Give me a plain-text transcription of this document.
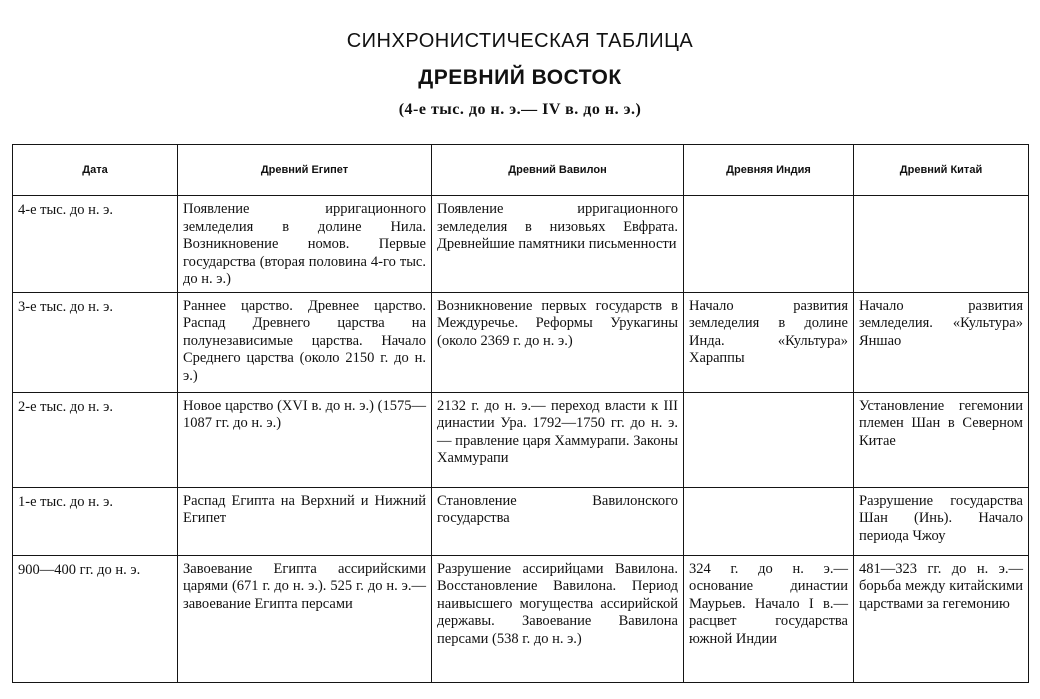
СИНХРОНИСТИЧЕСКАЯ ТАБЛИЦА
ДРЕВНИЙ ВОСТОК
(4-е тыс. до н. э.— IV в. до н. э.)
Дата	Древний Египет	Древний Вавилон	Древняя Индия	Древний Китай
4-е тыс. до н. э.	Появление ирригационного земледелия в долине Нила. Возникновение номов. Первые государства (вторая половина 4-го тыс. до н. э.)	Появление ирригационного земледелия в низовьях Евфрата. Древнейшие памятники письменности		
3-е тыс. до н. э.	Раннее царство. Древнее царство. Распад Древнего царства на полунезависимые царства. Начало Среднего царства (около 2150 г. до н. э.)	Возникновение первых государств в Междуречье. Реформы Урукагины (около 2369 г. до н. э.)	Начало развития земледелия в долине Инда. «Культура» Хараппы	Начало развития земледелия. «Культура» Яншао
2-е тыс. до н. э.	Новое царство (XVI в. до н. э.) (1575—1087 гг. до н. э.)	2132 г. до н. э.— переход власти к III династии Ура. 1792—1750 гг. до н. э.— правление царя Хаммурапи. Законы Хаммурапи		Установление гегемонии племен Шан в Северном Китае
1-е тыс. до н. э.	Распад Египта на Верхний и Нижний Египет	Становление Вавилонского государства		Разрушение государства Шан (Инь). Начало периода Чжоу
900—400 гг. до н. э.	Завоевание Египта ассирийскими царями (671 г. до н. э.). 525 г. до н. э.— завоевание Египта персами	Разрушение ассирийцами Вавилона. Восстановление Вавилона. Период наивысшего могущества ассирийской державы. Завоевание Вавилона персами (538 г. до н. э.)	324 г. до н. э.— основание династии Маурьев. Начало I в.— расцвет государства южной Индии	481—323 гг. до н. э.— борьба между китайскими царствами за гегемонию
